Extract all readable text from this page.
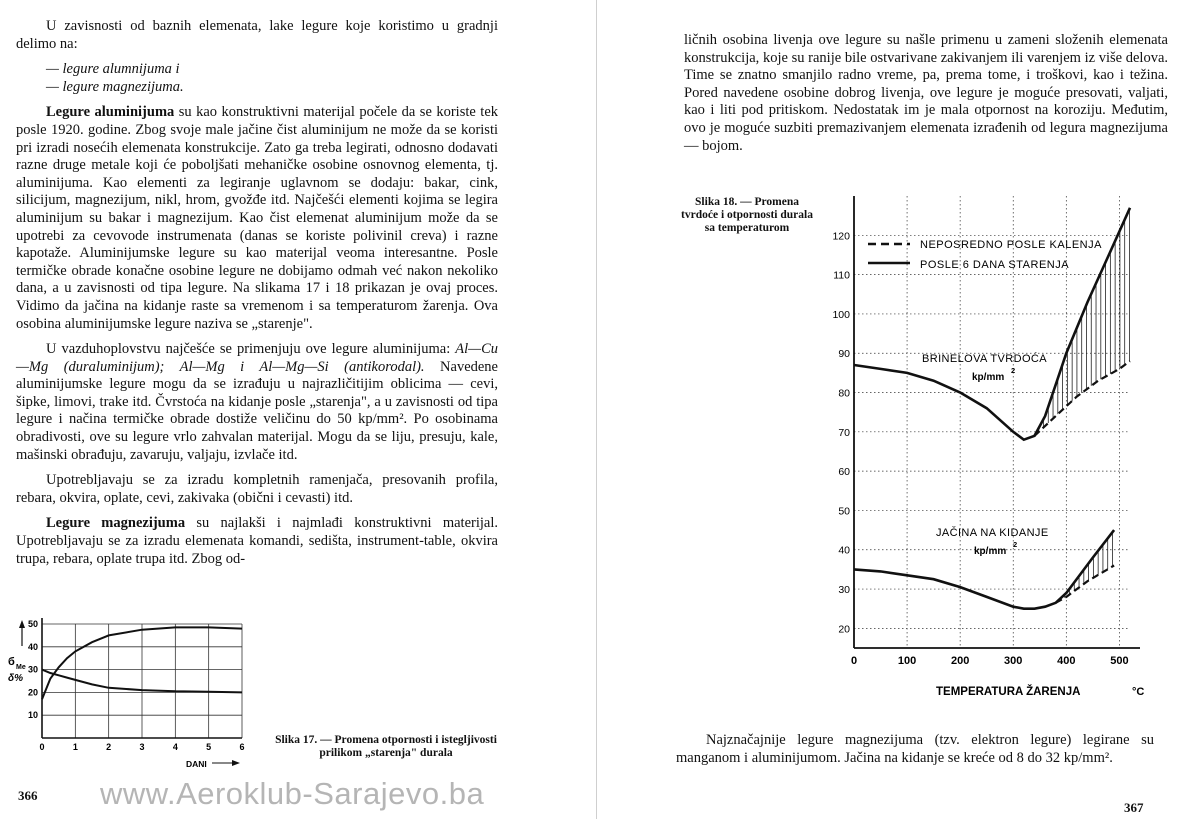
U zavisnosti od baznih elemenata, lake legure koje koristimo u gradnji delimo na:

— legure alumnijuma i

— legure magnezijuma.

Legure aluminijuma su kao konstruktivni materijal počele da se koriste tek posle 1920. godine. Zbog svoje male jačine čist aluminijum ne može da se koristi pri izradi nosećih elemenata konstrukcije. Zato ga treba legirati, odnosno dodavati razne druge metale koji će poboljšati mehaničke osobine osnovnog elementa, tj. aluminijuma. Kao elementi za legiranje uglavnom se dodaju: bakar, cink, silicijum, magnezijum, nikl, hrom, gvožđe itd. Najčešći elementi kojima se legira aluminijum su bakar i magnezijum. Kao čist elemenat aluminijum može da se upotrebi za cevovode instrumenata (danas se koriste polivinil creva) i razne kapotaže. Aluminijumske legure su kao materijal veoma interesantne. Posle termičke obrade konačne osobine legure ne dobijamo odmah već nakon nekoliko dana, a u zavisnosti od tipa legure. Na slikama 17 i 18 prikazan je ovaj proces. Vidimo da jačina na kidanje raste sa vremenom i sa temperaturom žarenja. Ova osobina aluminijumske legure naziva se „starenje".

U vazduhoplovstvu najčešće se primenjuju ove legure aluminijuma: Al—Cu—Mg (duraluminijum); Al—Mg i Al—Mg—Si (antikorodal). Navedene aluminijumske legure mogu da se izrađuju u najrazličitijim oblicima — cevi, šipke, limovi, trake itd. Čvrstoća na kidanje posle „starenja", a u zavisnosti od tipa legure i načina termičke obrade dostiže veličinu do 50 kp/mm². Po osobinama obradivosti, ove su legure vrlo zahvalan materijal. Mogu da se liju, presuju, kale, mašinski obrađuju, zavaruju, valjaju, izvlače itd.

Upotrebljavaju se za izradu kompletnih ramenjača, presovanih profila, rebara, okvira, oplate, cevi, zakivaka (obični i cevasti) itd.

Legure magnezijuma su najlakši i najmlađi konstruktivni materijal. Upotrebljavaju se za izradu elemenata komandi, sedišta, instrument-table, okvira trupa, rebara, oplate trupa itd. Zbog od-

0	1	2	3	4	5	6
10
20
30
40
50
б Me
δ%
DANI
Slika 17. — Promena otpornosti i istegljivosti prilikom „starenja" durala
366

ličnih osobina livenja ove legure su našle primenu u zameni složenih elemenata konstrukcija, koje su ranije bile ostvarivane zakivanjem ili varenjem iz više delova. Time se znatno smanjilo radno vreme, pa, prema tome, i troškovi, kao i težina. Pored navedene osobine dobrog livenja, ove legure je moguće presovati, valjati, kao i liti pod pritiskom. Nedostatak im je mala otpornost na koroziju. Međutim, ovo je moguće suzbiti premazivanjem elemenata izrađenih od legura magnezijuma — bojom.

Slika 18. — Promena tvrdoće i otpornosti durala sa temperaturom
0	100	200	300	400	500
20
30
40
50
60
70
80
90
100
110
120
TEMPERATURA ŽARENJA	°C
NEPOSREDNO POSLE KALENJA
POSLE 6 DANA STARENJA
BRINELOVA TVRDOĆA
kp/mm
2
JAČINA NA KIDANJE
kp/mm
2

Najznačajnije legure magnezijuma (tzv. elektron legure) legirane su manganom i aluminijumom. Jačina na kidanje se kreće od 8 do 32 kp/mm².

367
www.Aeroklub-Sarajevo.ba
